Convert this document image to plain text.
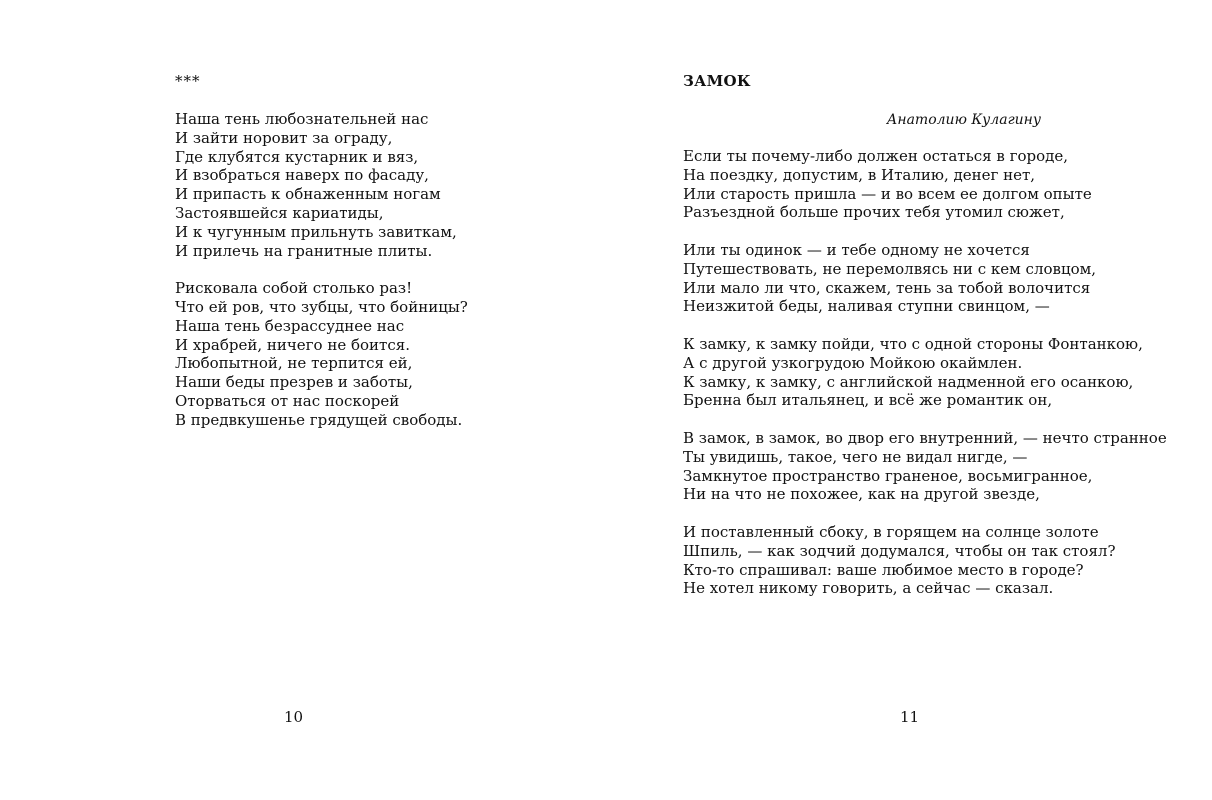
***
Наша тень любознательней нас
И зайти норовит за ограду,
Где клубятся кустарник и вяз,
И взобраться наверх по фасаду,
И припасть к обнаженным ногам
Застоявшейся кариатиды,
И к чугунным прильнуть завиткам,
И прилечь на гранитные плиты.
Рисковала собой столько раз!
Что ей ров, что зубцы, что бойницы?
Наша тень безрассуднее нас
И храбрей, ничего не боится.
Любопытной, не терпится ей,
Наши беды презрев и заботы,
Оторваться от нас поскорей
В предвкушенье грядущей свободы.
10
ЗАМОК
Анатолию Кулагину
Если ты почему-либо должен остаться в городе,
На поездку, допустим, в Италию, денег нет,
Или старость пришла — и во всем ее долгом опыте
Разъездной больше прочих тебя утомил сюжет,
Или ты одинок — и тебе одному не хочется
Путешествовать, не перемолвясь ни с кем словцом,
Или мало ли что, скажем, тень за тобой волочится
Неизжитой беды, наливая ступни свинцом, —
К замку, к замку пойди, что с одной стороны Фонтанкою,
А с другой узкогрудою Мойкою окаймлен.
К замку, к замку, с английской надменной его осанкою,
Бренна был итальянец, и всё же романтик он,
В замок, в замок, во двор его внутренний, — нечто странное
Ты увидишь, такое, чего не видал нигде, —
Замкнутое пространство граненое, восьмигранное,
Ни на что не похожее, как на другой звезде,
И поставленный сбоку, в горящем на солнце золоте
Шпиль, — как зодчий додумался, чтобы он так стоял?
Кто-то спрашивал: ваше любимое место в городе?
Не хотел никому говорить, а сейчас — сказал.
11
